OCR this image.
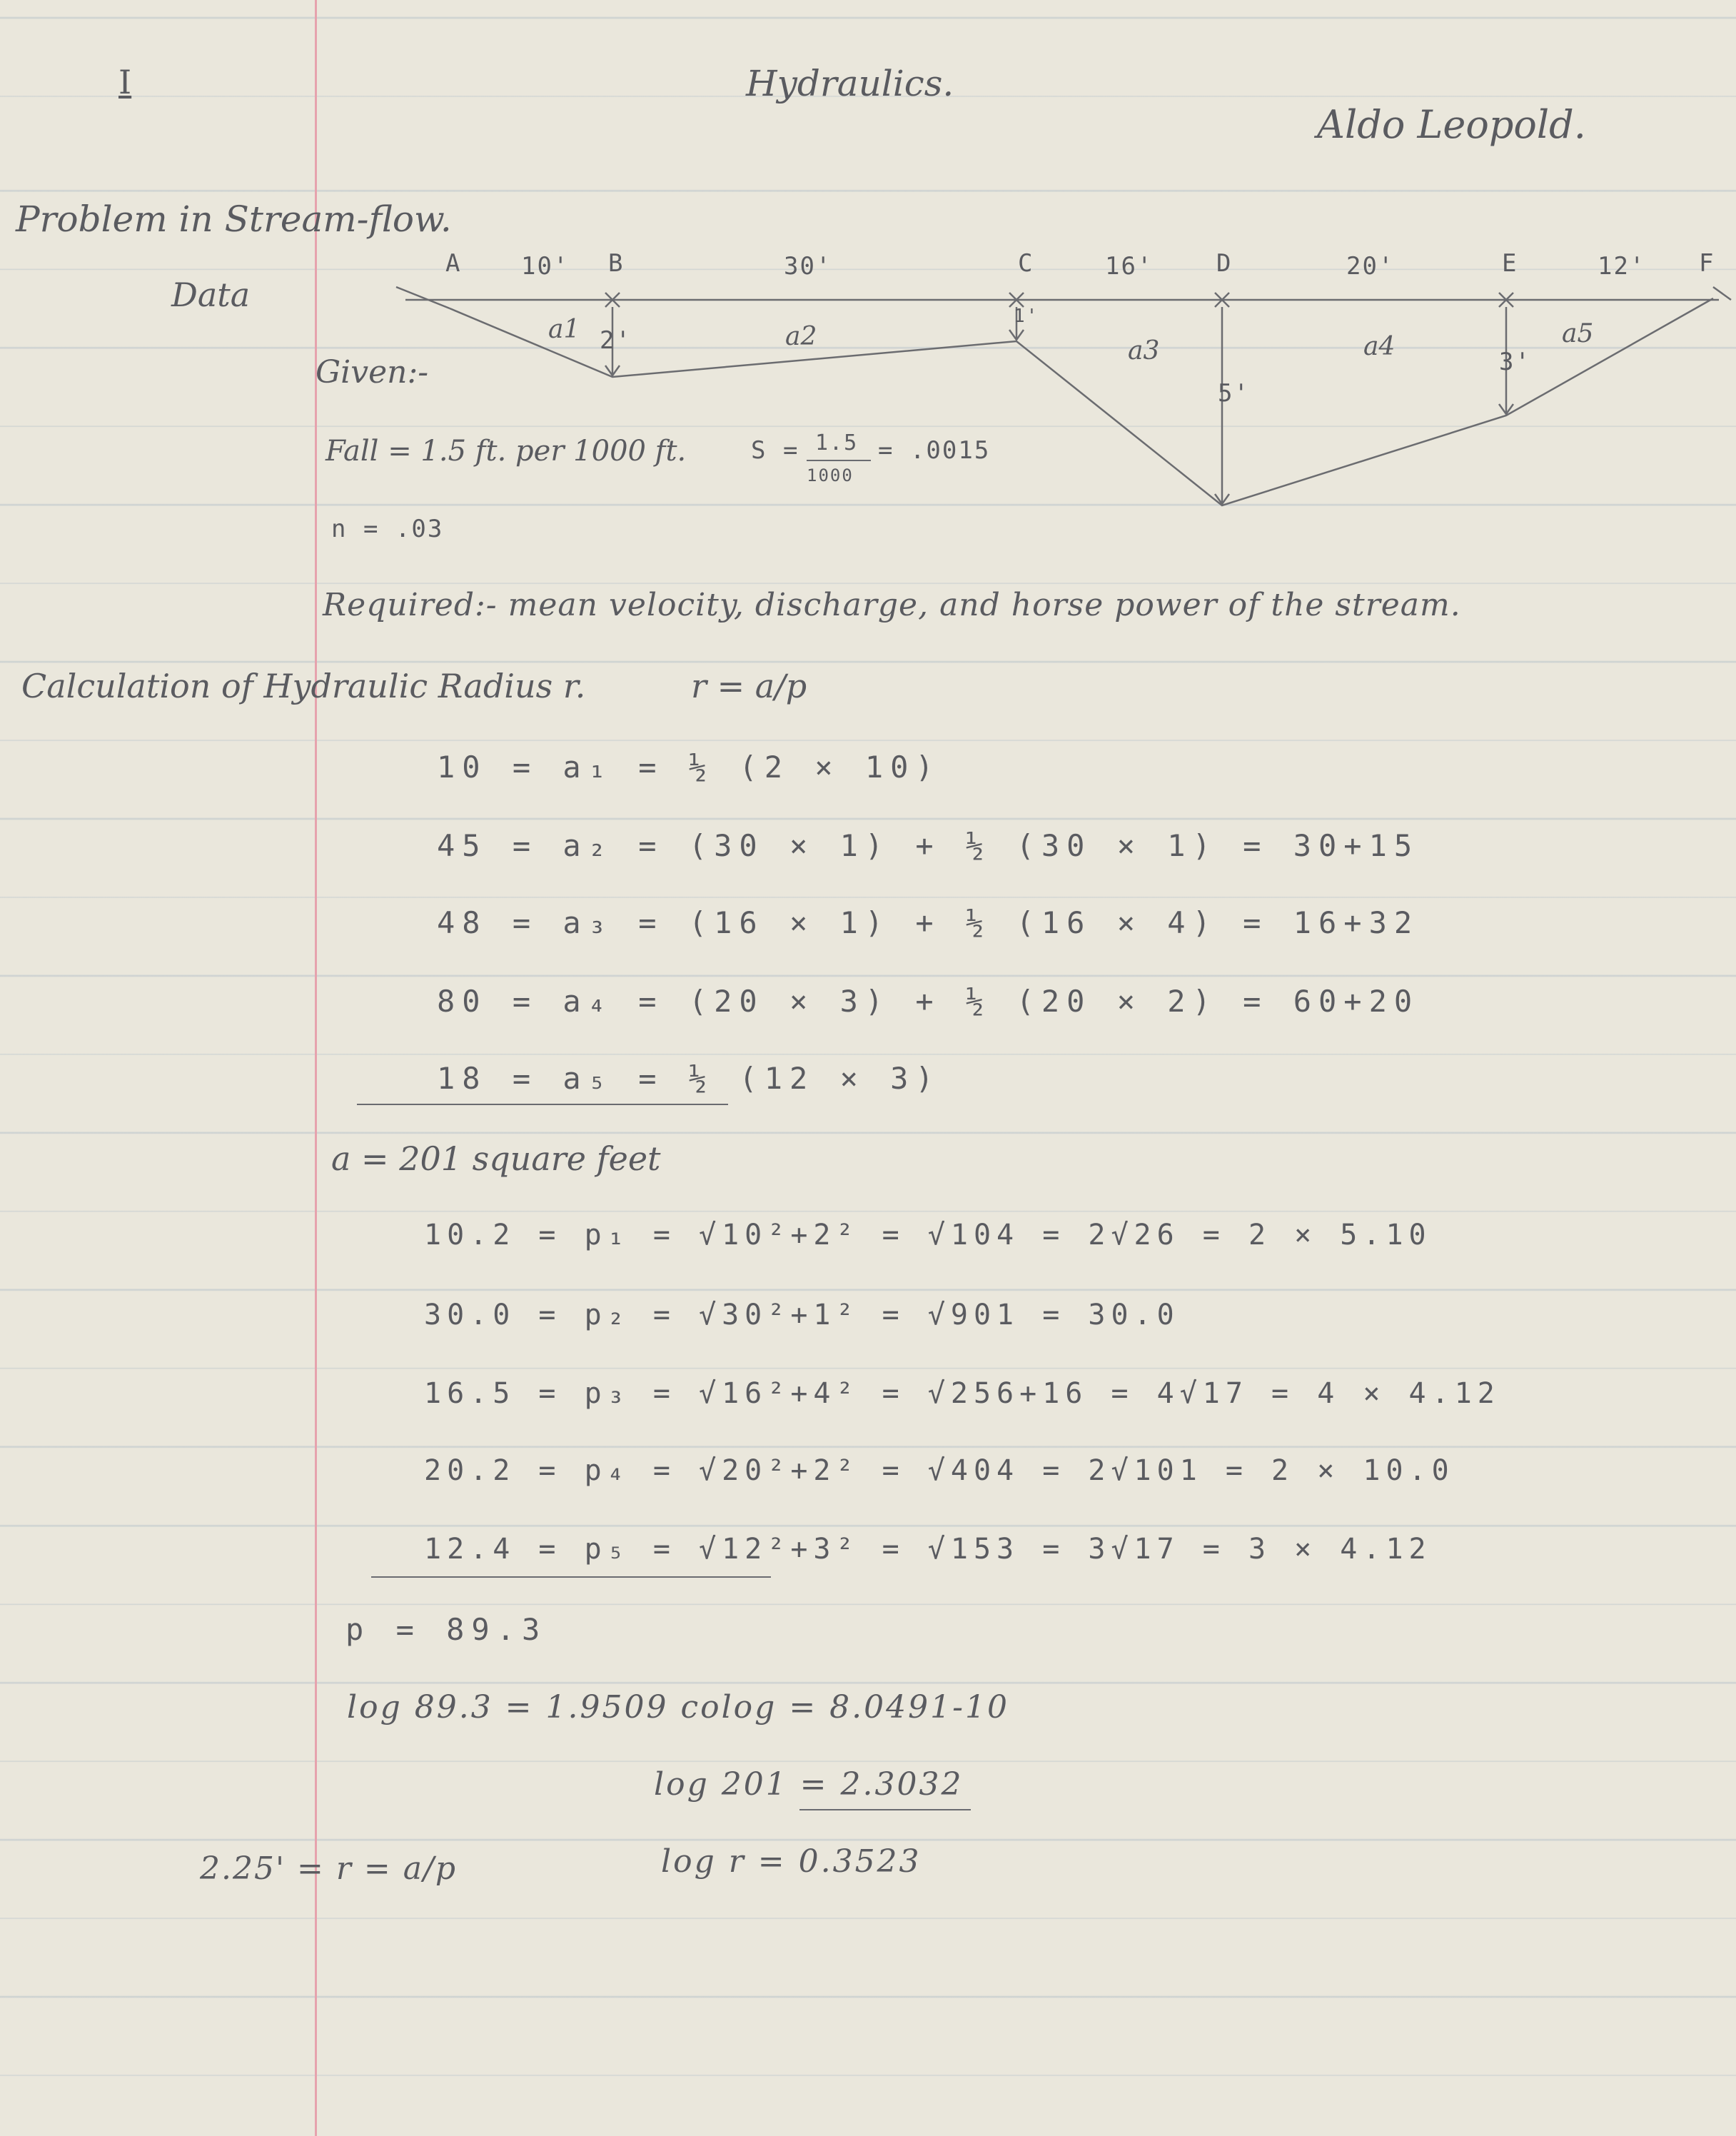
I	Hydraulics.
Aldo Leopold.
Problem in Stream-flow.
Data
Given:-
A	B	C	D	E	F
10'	30'	16'	20'	12'
2'
1'
5'
3'
a1	a2	a3	a4	a5
Fall = 1.5 ft. per 1000 ft.	S = 1.5
1000
= .0015
n = .03
Required:- mean velocity, discharge, and horse power of the stream.
Calculation of Hydraulic Radius r.	r = a/p
10 = a₁ = ½ (2 × 10)
45 = a₂ = (30 × 1) + ½ (30 × 1) = 30+15
48 = a₃ = (16 × 1) + ½ (16 × 4) = 16+32
80 = a₄ = (20 × 3) + ½ (20 × 2) = 60+20
18 = a₅ = ½ (12 × 3)
a = 201 square feet
10.2 = p₁ = √10²+2² = √104 = 2√26 = 2 × 5.10
30.0 = p₂ = √30²+1² = √901 = 30.0
16.5 = p₃ = √16²+4² = √256+16 = 4√17 = 4 × 4.12
20.2 = p₄ = √20²+2² = √404 = 2√101 = 2 × 10.0
12.4 = p₅ = √12²+3² = √153 = 3√17 = 3 × 4.12
p = 89.3
log 89.3 = 1.9509 colog = 8.0491-10
log 201 = 2.3032
log r = 0.3523
2.25' = r = a/p
